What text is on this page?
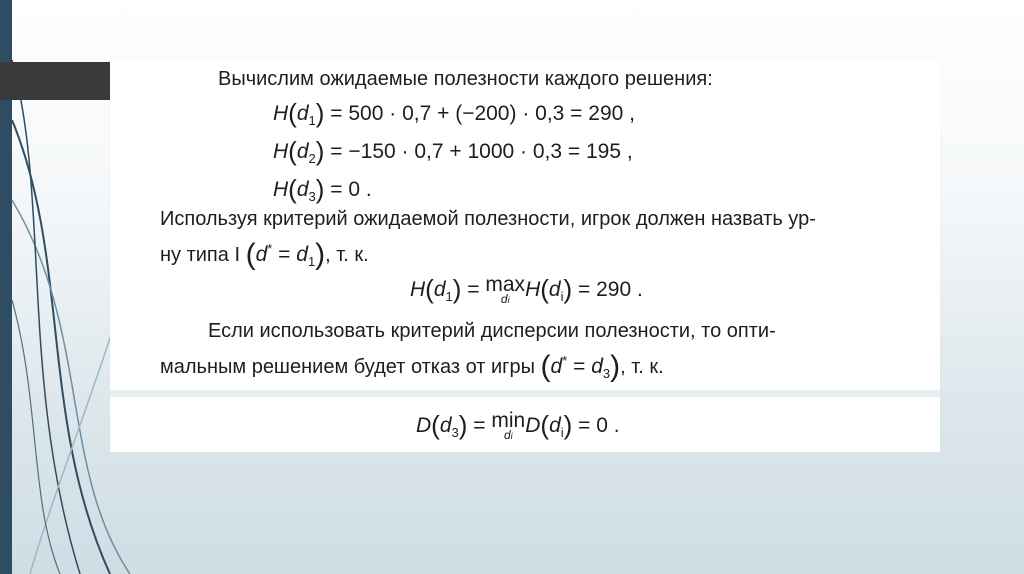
Вычислим ожидаемые полезности каждого решения:
$H(d_1) = 500 \cdot 0,7 + (-200) \cdot 0,3 = 290$ ,
$H(d_2) = -150 \cdot 0,7 + 1000 \cdot 0,3 = 195$ ,
$H(d_3) = 0$ .
Используя критерий ожидаемой полезности, игрок должен назвать ур-
ну типа I $(d^* = d_1)$, т. к.
$H(d_1) = \max$
di $H(d_i) = 290$ .
Если использовать критерий дисперсии полезности, то опти-
мальным решением будет отказ от игры $(d^* = d_3)$, т. к.
$D(d_3) = \min$
di $D(d_i) = 0$ .
